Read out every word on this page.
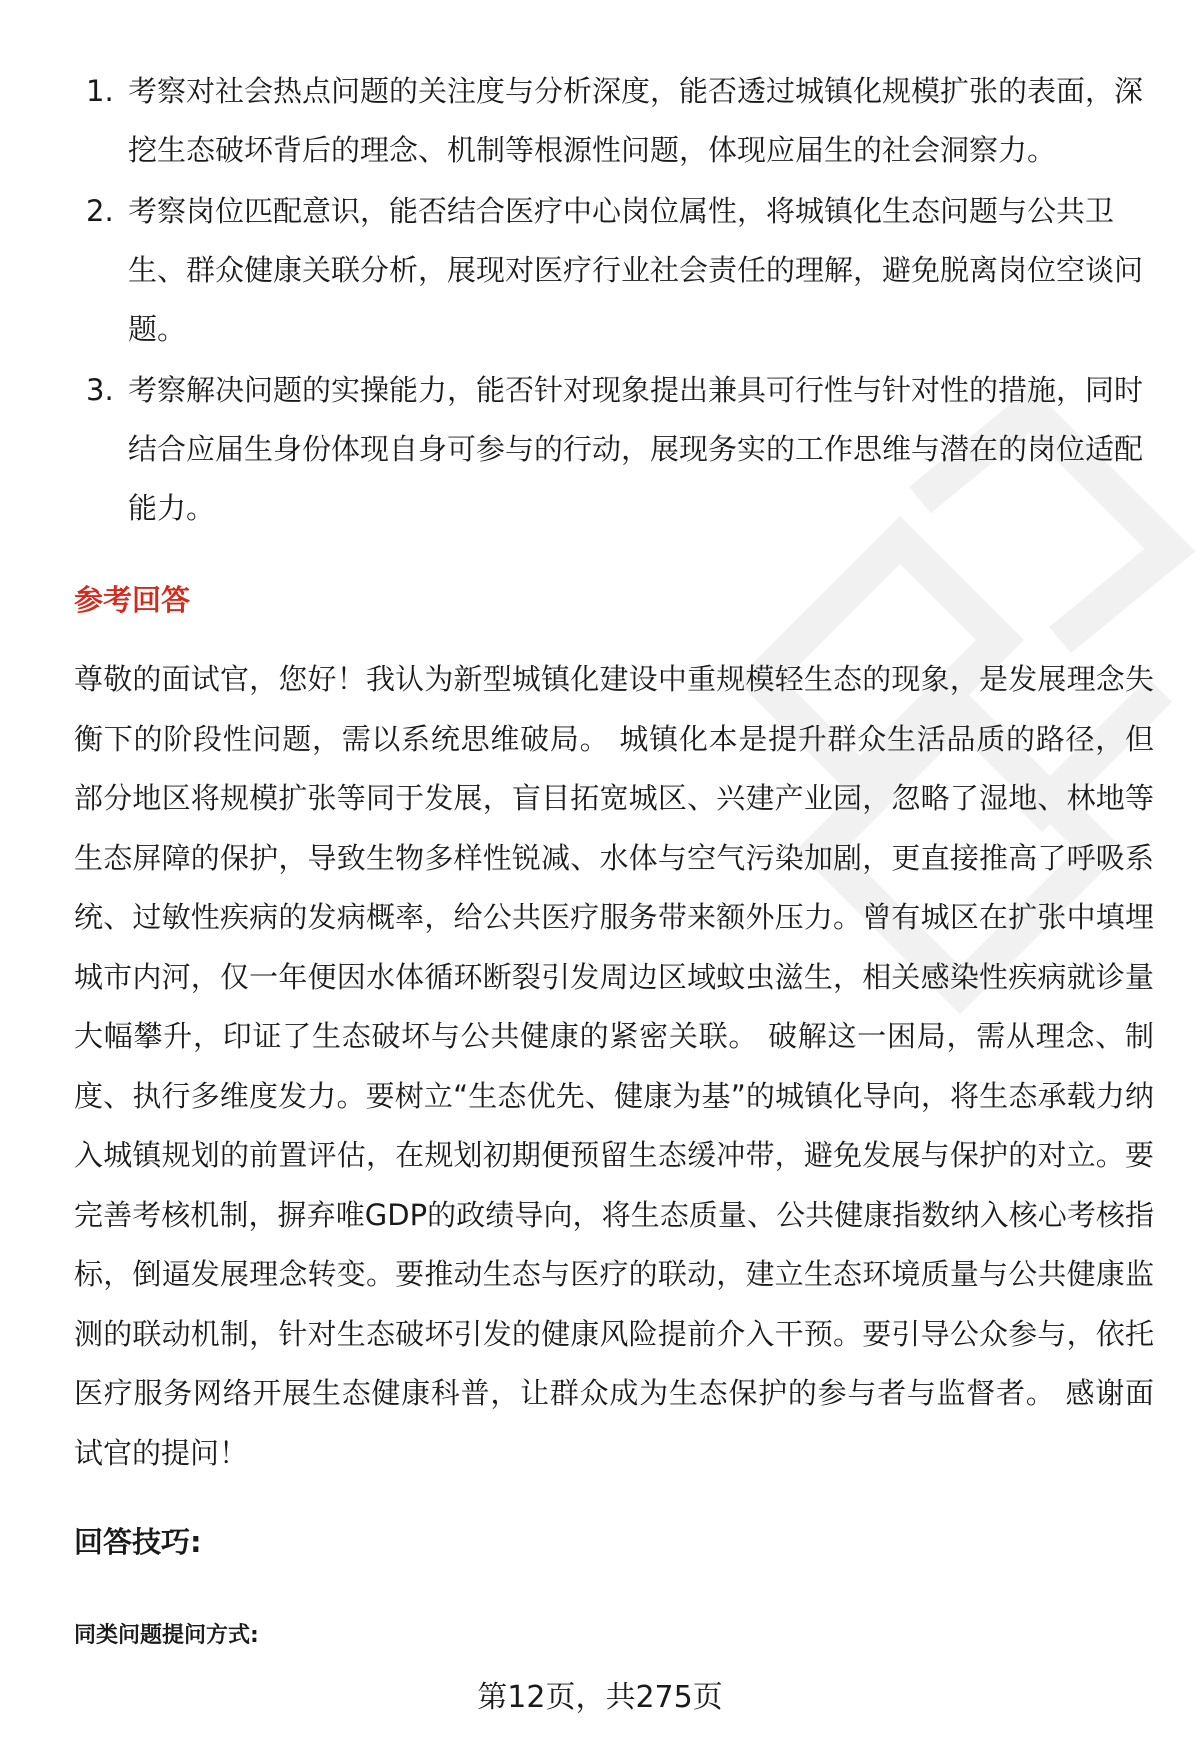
1. 考察对社会热点问题的关注度与分析深度，能否透过城镇化规模扩张的表面，深挖生态破坏背后的理念、机制等根源性问题，体现应届生的社会洞察力。
2. 考察岗位匹配意识，能否结合医疗中心岗位属性，将城镇化生态问题与公共卫生、群众健康关联分析，展现对医疗行业社会责任的理解，避免脱离岗位空谈问题。
3. 考察解决问题的实操能力，能否针对现象提出兼具可行性与针对性的措施，同时结合应届生身份体现自身可参与的行动，展现务实的工作思维与潜在的岗位适配能力。
参考回答

尊敬的面试官，您好！我认为新型城镇化建设中重规模轻生态的现象，是发展理念失衡下的阶段性问题，需以系统思维破局。 城镇化本是提升群众生活品质的路径，但部分地区将规模扩张等同于发展，盲目拓宽城区、兴建产业园，忽略了湿地、林地等生态屏障的保护，导致生物多样性锐减、水体与空气污染加剧，更直接推高了呼吸系统、过敏性疾病的发病概率，给公共医疗服务带来额外压力。曾有城区在扩张中填埋城市内河，仅一年便因水体循环断裂引发周边区域蚊虫滋生，相关感染性疾病就诊量大幅攀升，印证了生态破坏与公共健康的紧密关联。 破解这一困局，需从理念、制度、执行多维度发力。要树立“生态优先、健康为基”的城镇化导向，将生态承载力纳入城镇规划的前置评估，在规划初期便预留生态缓冲带，避免发展与保护的对立。要完善考核机制，摒弃唯GDP的政绩导向，将生态质量、公共健康指数纳入核心考核指标，倒逼发展理念转变。要推动生态与医疗的联动，建立生态环境质量与公共健康监测的联动机制，针对生态破坏引发的健康风险提前介入干预。要引导公众参与，依托医疗服务网络开展生态健康科普，让群众成为生态保护的参与者与监督者。 感谢面试官的提问！

回答技巧:
同类问题提问方式:
第12页，共275页
